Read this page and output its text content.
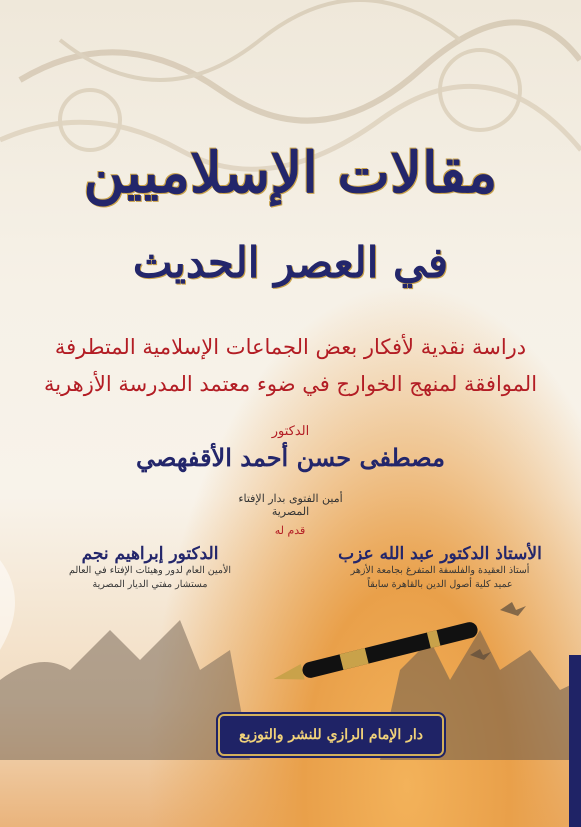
مقالات الإسلاميين
في العصر الحديث
دراسة نقدية لأفكار بعض الجماعات الإسلامية المتطرفة
الموافقة لمنهج الخوارج في ضوء معتمد المدرسة الأزهرية
الدكتور
مصطفى حسن أحمد الأقفهصي
أمين الفتوى بدار الإفتاء المصرية
قدم له
الأستاذ الدكتور عبد الله عزب
أستاذ العقيدة والفلسفة المتفرغ بجامعة الأزهر
عميد كلية أصول الدين بالقاهرة سابقاً
الدكتور إبراهيم نجم
الأمين العام لدور وهيئات الإفتاء في العالم
مستشار مفتي الديار المصرية
دار الإمام الرازي للنشر والتوزيع
